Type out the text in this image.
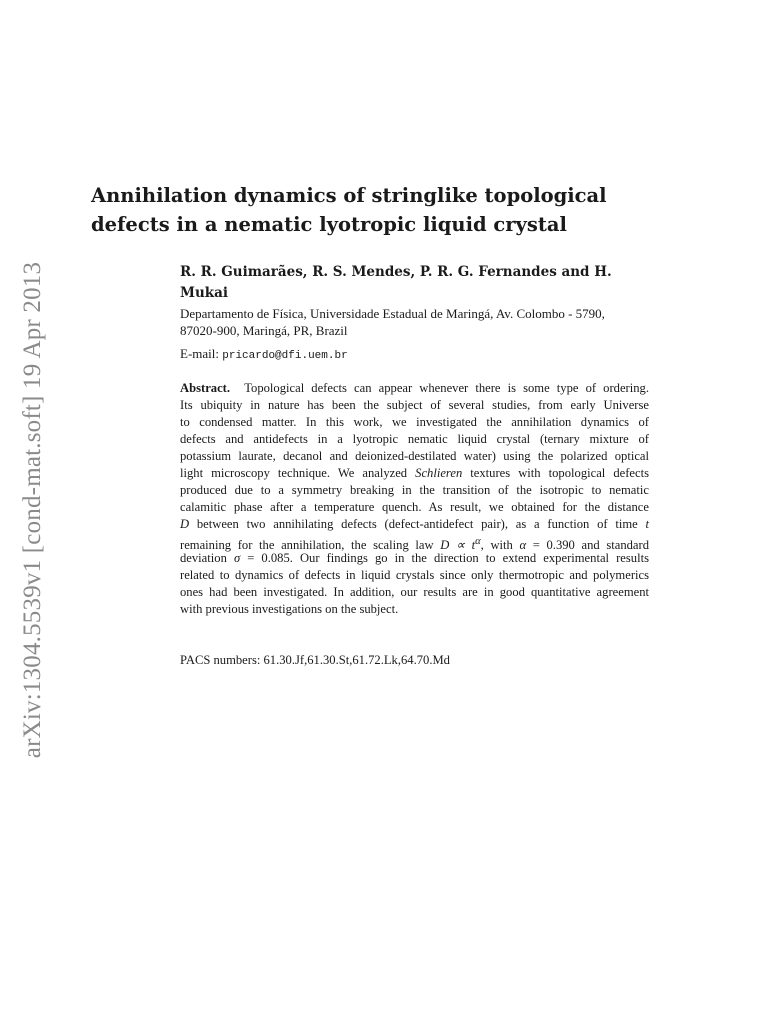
arXiv:1304.5539v1 [cond-mat.soft] 19 Apr 2013
Annihilation dynamics of stringlike topological
defects in a nematic lyotropic liquid crystal
R. R. Guimarães, R. S. Mendes, P. R. G. Fernandes and H.
Mukai
Departamento de Física, Universidade Estadual de Maringá, Av. Colombo - 5790,
87020-900, Maringá, PR, Brazil
E-mail: pricardo@dfi.uem.br
Abstract. Topological defects can appear whenever there is some type of ordering.
Its ubiquity in nature has been the subject of several studies, from early Universe
to condensed matter. In this work, we investigated the annihilation dynamics of
defects and antidefects in a lyotropic nematic liquid crystal (ternary mixture of
potassium laurate, decanol and deionized-destilated water) using the polarized optical
light microscopy technique. We analyzed Schlieren textures with topological defects
produced due to a symmetry breaking in the transition of the isotropic to nematic
calamitic phase after a temperature quench. As result, we obtained for the distance
D between two annihilating defects (defect-antidefect pair), as a function of time t
remaining for the annihilation, the scaling law $D \propto t^\alpha$, with α = 0.390 and standard
deviation σ = 0.085. Our findings go in the direction to extend experimental results
related to dynamics of defects in liquid crystals since only thermotropic and polymerics
ones had been investigated. In addition, our results are in good quantitative agreement
with previous investigations on the subject.
PACS numbers: 61.30.Jf,61.30.St,61.72.Lk,64.70.Md
